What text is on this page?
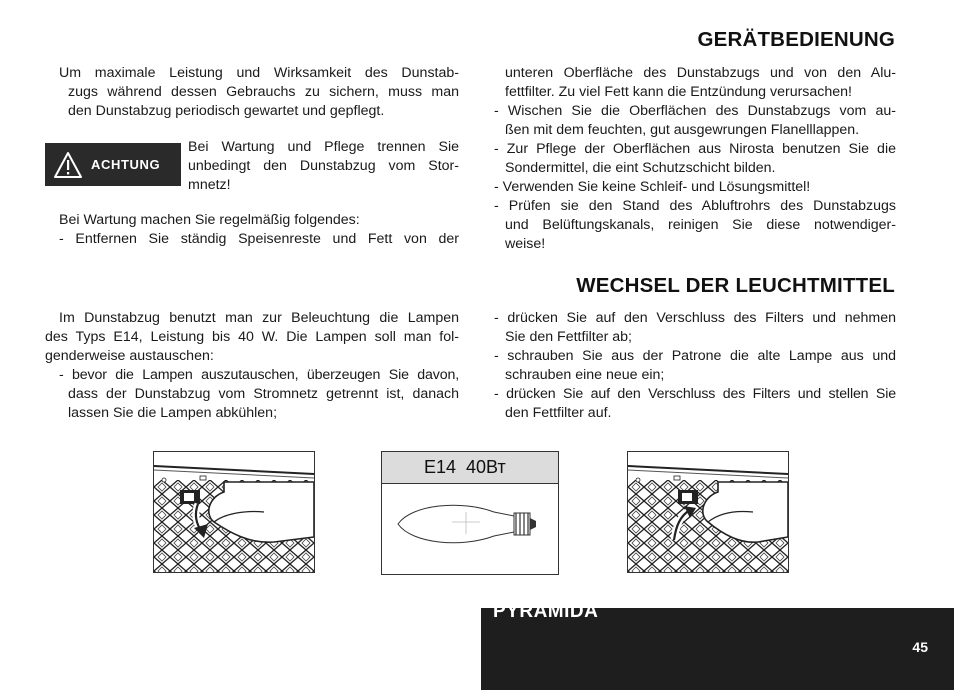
GERÄTBEDIENUNG
Um maximale Leistung und Wirksamkeit des Dunstab-
zugs während dessen Gebrauchs zu sichern, muss man
den Dunstabzug periodisch gewartet und gepflegt.
ACHTUNG
Bei Wartung und Pflege trennen Sie
unbedingt den Dunstabzug vom Stor-
mnetz!
Bei Wartung machen Sie regelmäßig folgendes:
- Entfernen Sie ständig Speisenreste und Fett von der
unteren Oberfläche des Dunstabzugs und von den Alu-
fettfilter. Zu viel Fett kann die Entzündung verursachen!
- Wischen Sie die Oberflächen des Dunstabzugs vom au-
ßen mit dem feuchten, gut ausgewrungen Flanelllappen.
- Zur Pflege der Oberflächen aus Nirosta benutzen Sie die
Sondermittel, die eint Schutzschicht bilden.
- Verwenden Sie keine Schleif- und Lösungsmittel!
- Prüfen sie den Stand des Abluftrohrs des Dunstabzugs
und Belüftungskanals, reinigen Sie diese notwendiger-
weise!
WECHSEL DER LEUCHTMITTEL
Im Dunstabzug benutzt man zur Beleuchtung die Lampen
des Typs E14, Leistung bis 40 W. Die Lampen soll man fol-
genderweise austauschen:
- bevor die Lampen auszutauschen, überzeugen Sie davon,
dass der Dunstabzug vom Stromnetz getrennt ist, danach
lassen Sie die Lampen abkühlen;
- drücken Sie auf den Verschluss des Filters und nehmen
Sie den Fettfilter ab;
- schrauben Sie aus der Patrone die alte Lampe aus und
schrauben eine neue ein;
- drücken Sie auf den Verschluss des Filters und stellen Sie
den Fettfilter auf.
E14  40Вт
PYRAMIDA
45
